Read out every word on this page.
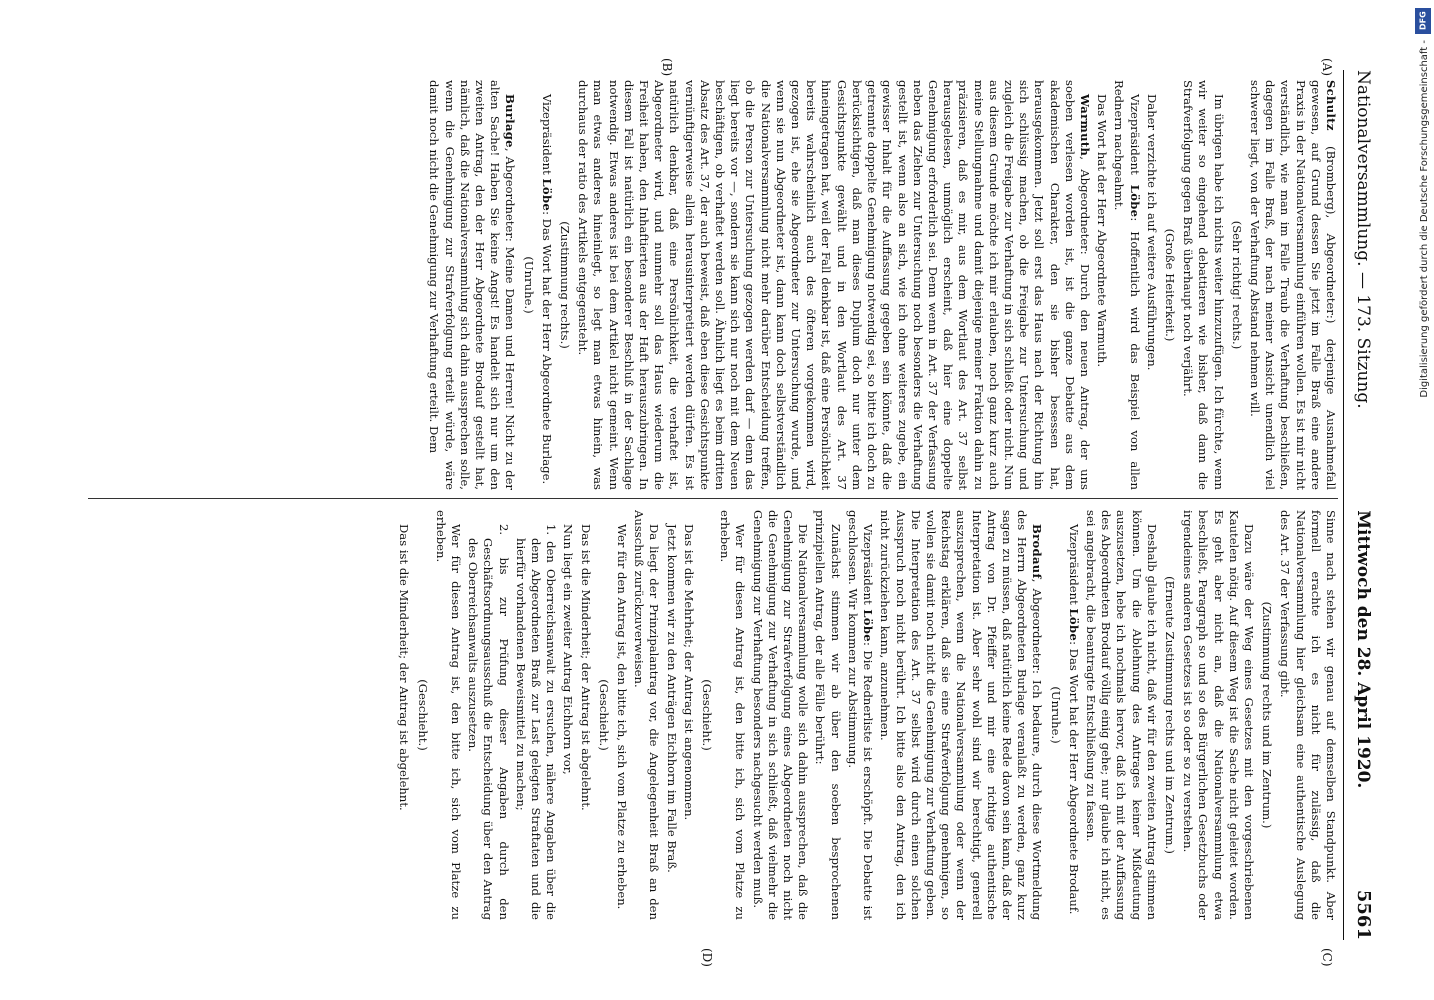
Nationalversammlung. — 173. Sitzung.
Mittwoch den 28. April 1920.
5561
(A)
(B)
(C)
(D)

Schultz (Bromberg), Abgeordneter:) derjenige Ausnahmefall gewesen, auf Grund dessen Sie jetzt im Falle Braß eine andere Praxis in der Nationalversammlung einführen wollen. Es ist mir nicht verständlich, wie man im Falle Traub die Verhaftung beschließen, dagegen im Falle Braß, der nach meiner Ansicht unendlich viel schwerer liegt, von der Verhaftung Abstand nehmen will.

(Sehr richtig! rechts.)

Im übrigen habe ich nichts weiter hinzuzufügen. Ich fürchte, wenn wir weiter so eingehend debattieren wie bisher, daß dann die Strafverfolgung gegen Braß überhaupt noch verjährt.

(Große Heiterkeit.)

Daher verzichte ich auf weitere Ausführungen.

Vizepräsident Löbe: Hoffentlich wird das Beispiel von allen Rednern nachgeahmt.

Das Wort hat der Herr Abgeordnete Warmuth.

Warmuth, Abgeordneter: Durch den neuen Antrag, der uns soeben verlesen worden ist, ist die ganze Debatte aus dem akademischen Charakter, den sie bisher besessen hat, herausgekommen. Jetzt soll erst das Haus nach der Richtung hin sich schlüssig machen, ob die Freigabe zur Untersuchung und zugleich die Freigabe zur Verhaftung in sich schließt oder nicht. Nun aus diesem Grunde möchte ich mir erlauben, noch ganz kurz auch meine Stellungnahme und damit diejenige meiner Fraktion dahin zu präzisieren, daß es mir, aus dem Wortlaut des Art. 37 selbst herausgelesen, unmöglich erscheint, daß hier eine doppelte Genehmigung erforderlich sei. Denn wenn in Art. 37 der Verfassung neben das Ziehen zur Untersuchung noch besonders die Verhaftung gestellt ist, wenn also an sich, wie ich ohne weiteres zugebe, ein gewisser Inhalt für die Auffassung gegeben sein könnte, daß die getrennte doppelte Genehmigung notwendig sei, so bitte ich doch zu berücksichtigen, daß man dieses Duplum doch nur unter dem Gesichtspunkte gewählt und in den Wortlaut des Art. 37 hineingetragen hat, weil der Fall denkbar ist, daß eine Persönlichkeit bereits wahrscheinlich auch des öfteren vorgekommen wird, gezogen ist, ehe sie Abgeordneter zur Untersuchung wurde, und wenn sie nun Abgeordneter ist, dann kann doch selbstverständlich die Nationalversammlung nicht mehr darüber Entscheidung treffen, ob die Person zur Untersuchung gezogen werden darf — denn das liegt bereits vor —, sondern sie kann sich nur noch mit dem Neuen beschäftigen, ob verhaftet werden soll. Ähnlich liegt es beim dritten Absatz des Art. 37, der auch beweist, daß eben diese Gesichtspunkte vernünftigerweise allein herausinterpretiert werden dürfen. Es ist natürlich denkbar, daß eine Persönlichkeit, die verhaftet ist, Abgeordneter wird, und nunmehr soll das Haus wiederum die Freiheit haben, den Inhaftierten aus der Haft herauszubringen. In diesem Fall ist natürlich ein besonderer Beschluß in der Sachlage notwendig. Etwas anderes ist bei dem Artikel nicht gemeint. Wenn man etwas anderes hineinlegt, so legt man etwas hinein, was durchaus der ratio des Artikels entgegensteht.

(Zustimmung rechts.)

Vizepräsident Löbe: Das Wort hat der Herr Abgeordnete Burlage.

(Unruhe.)

Burlage, Abgeordneter: Meine Damen und Herren! Nicht zu der alten Sache! Haben Sie keine Angst! Es handelt sich nur um den zweiten Antrag, den der Herr Abgeordnete Brodauf gestellt hat, nämlich, daß die Nationalversammlung sich dahin aussprechen solle, wenn die Genehmigung zur Strafverfolgung erteilt würde, wäre damit noch nicht die Genehmigung zur Verhaftung erteilt. Dem

Sinne nach stehen wir genau auf demselben Standpunkt. Aber formell erachte ich es nicht für zulässig, daß die Nationalversammlung hier gleichsam eine authentische Auslegung des Art. 37 der Verfassung gibt.

(Zustimmung rechts und im Zentrum.)

Dazu wäre der Weg eines Gesetzes mit den vorgeschriebenen Kautelen nötig. Auf diesem Weg ist die Sache nicht geleitet worden. Es geht aber nicht an, daß die Nationalversammlung etwa beschließt, Paragraph so und so des Bürgerlichen Gesetzbuchs oder irgendeines anderen Gesetzes ist so oder so zu verstehen.

(Erneute Zustimmung rechts und im Zentrum.)

Deshalb glaube ich nicht, daß wir für den zweiten Antrag stimmen können. Um die Ablehnung des Antrages keiner Mißdeutung auszusetzen, hebe ich nochmals hervor, daß ich mit der Auffassung des Abgeordneten Brodauf völlig einig gehe; nur glaube ich nicht, es sei angebracht, die beantragte Entschließung zu fassen.

Vizepräsident Löbe: Das Wort hat der Herr Abgeordnete Brodauf.

(Unruhe.)

Brodauf, Abgeordneter: Ich bedaure, durch diese Wortmeldung des Herrn Abgeordneten Burlage veranlaßt zu werden, ganz kurz sagen zu müssen, daß natürlich keine Rede davon sein kann, daß der Antrag von Dr. Pfeiffer und mir eine richtige authentische Interpretation ist. Aber sehr wohl sind wir berechtigt, generell auszusprechen, wenn die Nationalversammlung oder wenn der Reichstag erklären, daß sie eine Strafverfolgung genehmigen, so wollen sie damit noch nicht die Genehmigung zur Verhaftung geben. Die Interpretation des Art. 37 selbst wird durch einen solchen Ausspruch noch nicht berührt. Ich bitte also den Antrag, den ich nicht zurückziehen kann, anzunehmen.

Vizepräsident Löbe: Die Rednerliste ist erschöpft. Die Debatte ist geschlossen. Wir kommen zur Abstimmung.

Zunächst stimmen wir ab über den soeben besprochenen prinzipiellen Antrag, der alle Fälle berührt:

Die Nationalversammlung wolle sich dahin aussprechen, daß die Genehmigung zur Strafverfolgung eines Abgeordneten noch nicht die Genehmigung zur Verhaftung in sich schließt, daß vielmehr die Genehmigung zur Verhaftung besonders nachgesucht werden muß.

Wer für diesen Antrag ist, den bitte ich, sich vom Platze zu erheben.

(Geschieht.)

Das ist die Mehrheit; der Antrag ist angenommen.

Jetzt kommen wir zu den Anträgen Eichhorn im Falle Braß.

Da liegt der Prinzipalantrag vor, die Angelegenheit Braß an den Ausschuß zurückzuverweisen.

Wer für den Antrag ist, den bitte ich, sich vom Platze zu erheben.

(Geschieht.)

Das ist die Minderheit; der Antrag ist abgelehnt.

Nun liegt ein zweiter Antrag Eichhorn vor,

1. den Oberreichsanwalt zu ersuchen, nähere Angaben über die dem Abgeordneten Braß zur Last gelegten Straftaten und die hierfür vorhandenen Beweismittel zu machen;

2. bis zur Prüfung dieser Angaben durch den Geschäftsordnungsausschuß die Entscheidung über den Antrag des Oberreichsanwalts auszusetzen.

Wer für diesen Antrag ist, den bitte ich, sich vom Platze zu erheben.

(Geschieht.)

Das ist die Minderheit; der Antrag ist abgelehnt.

DFG
Digitalisierung gefördert durch die Deutsche Forschungsgemeinschaft -
